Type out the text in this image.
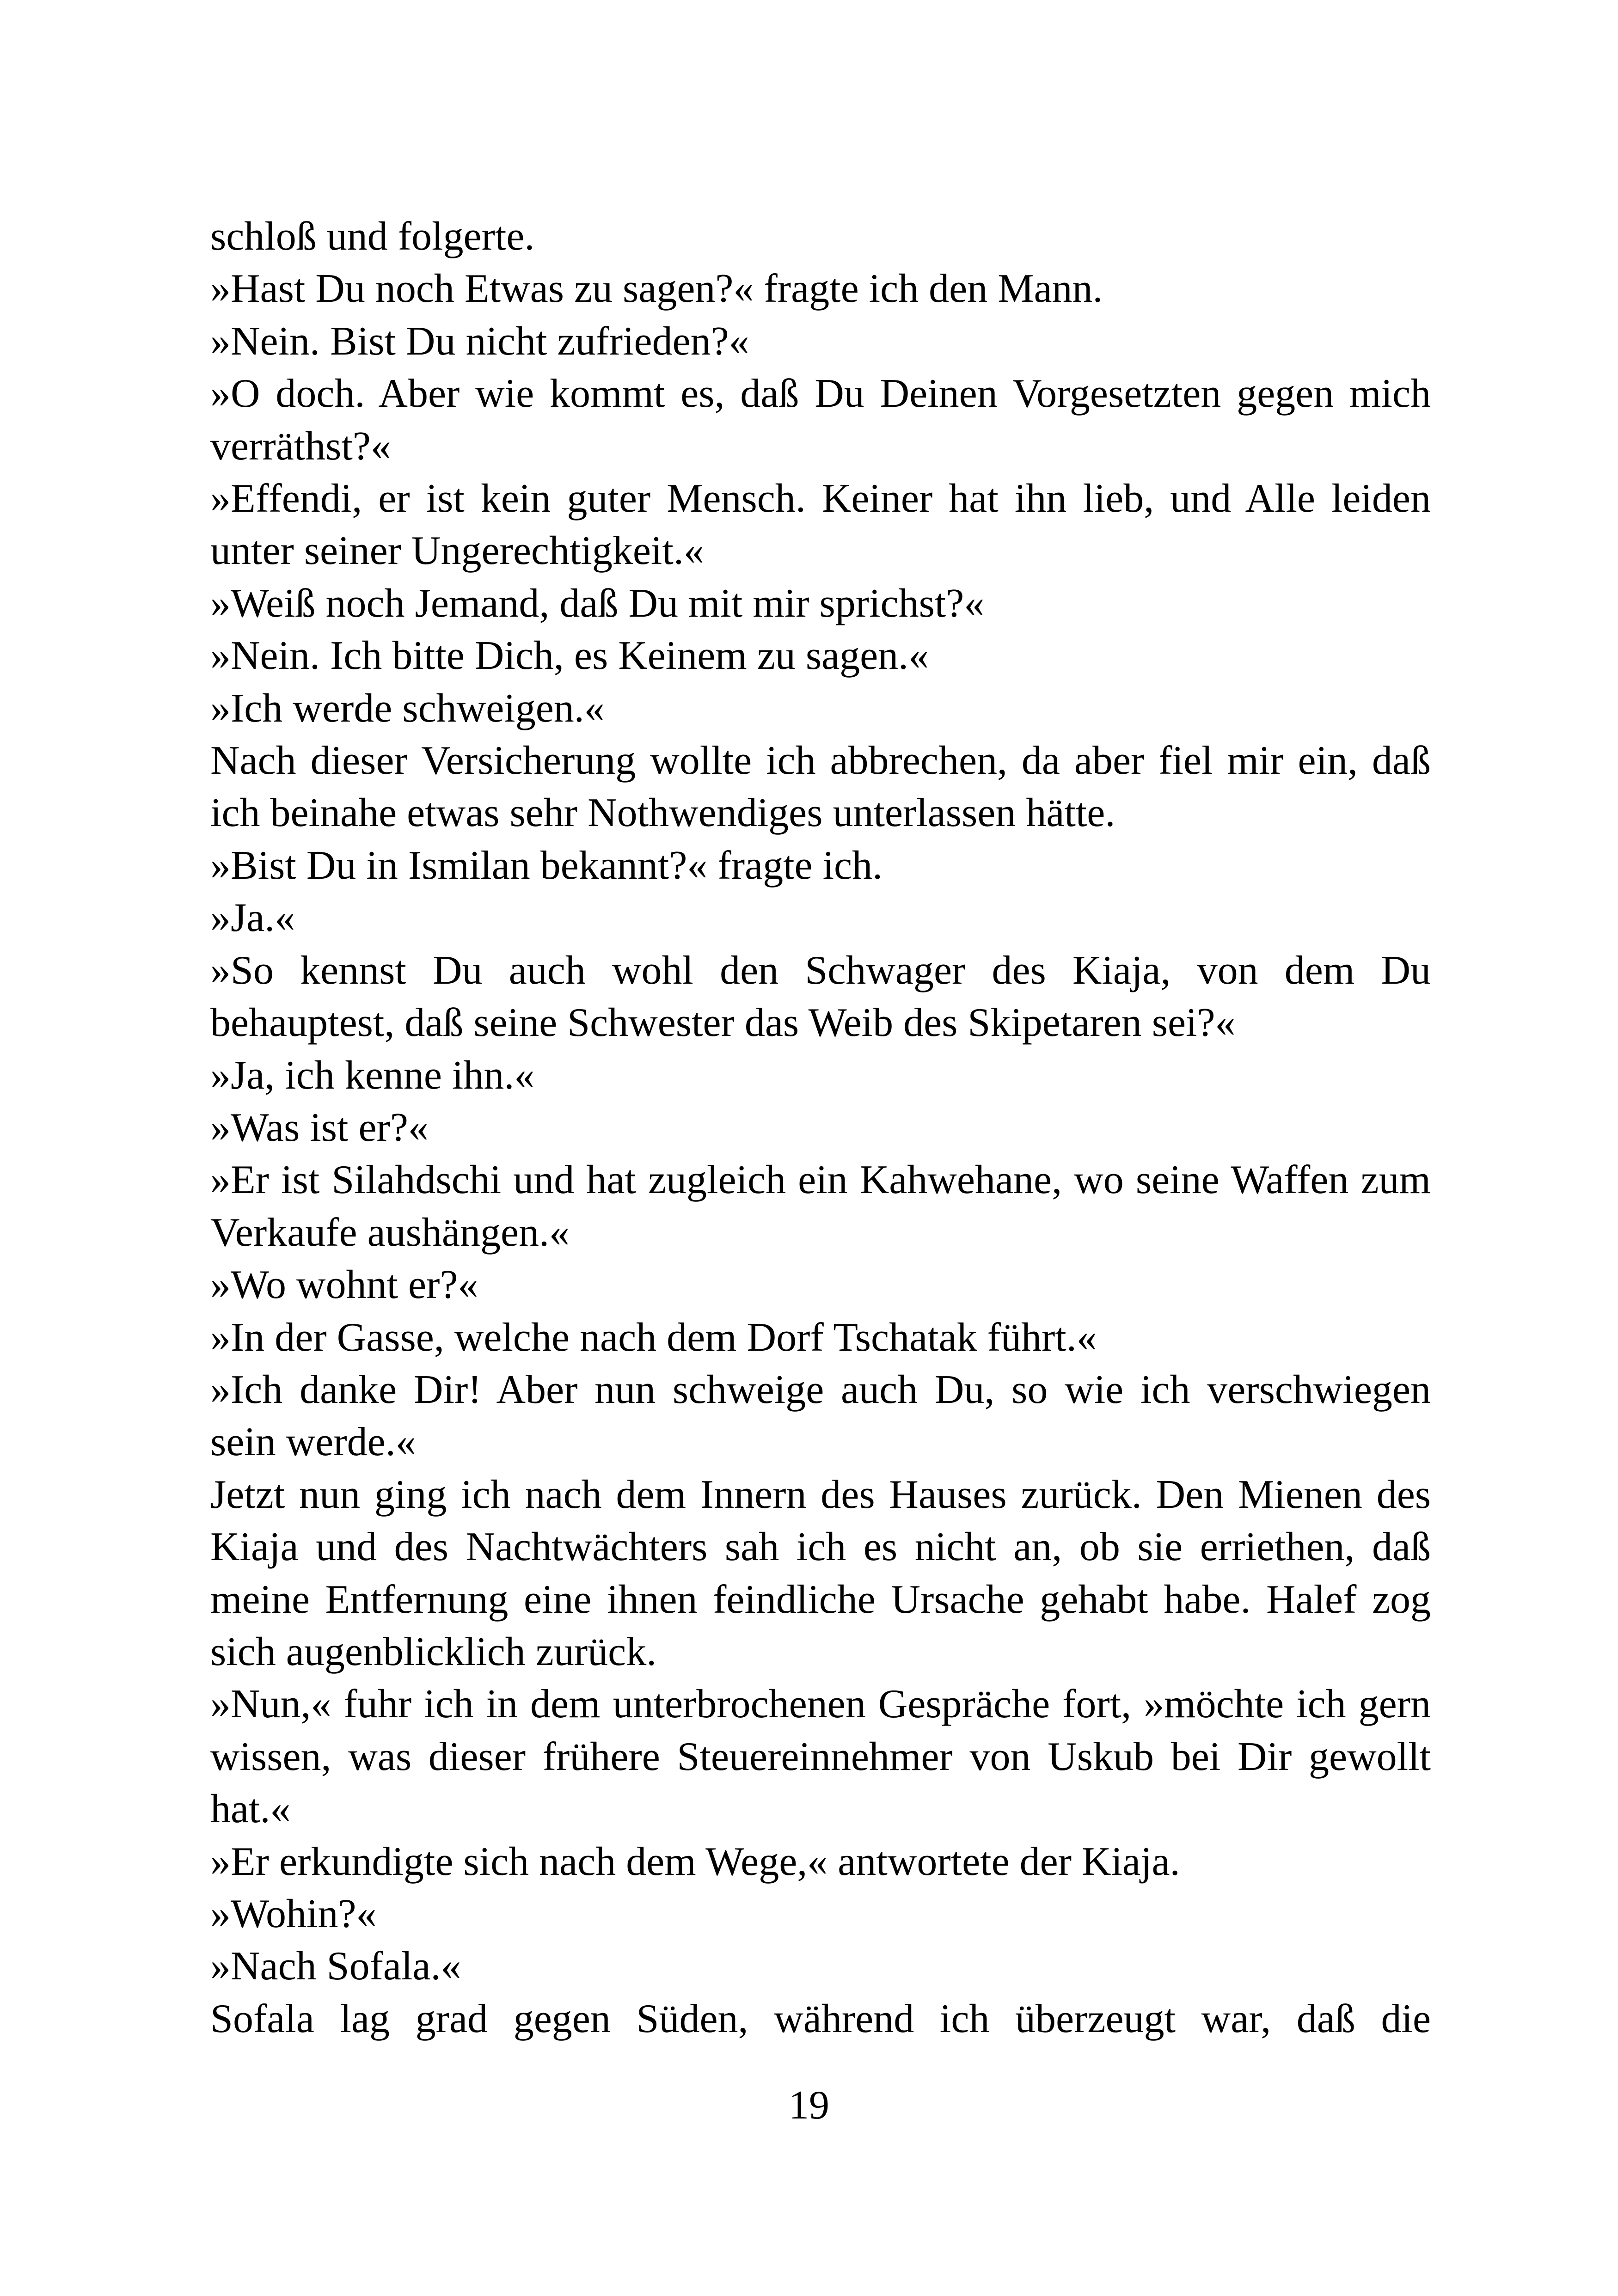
schloß und folgerte.

»Hast Du noch Etwas zu sagen?« fragte ich den Mann.

»Nein. Bist Du nicht zufrieden?«

»O doch. Aber wie kommt es, daß Du Deinen Vorgesetzten gegen mich verräthst?«

»Effendi, er ist kein guter Mensch. Keiner hat ihn lieb, und Alle leiden unter seiner Ungerechtigkeit.«

»Weiß noch Jemand, daß Du mit mir sprichst?«

»Nein. Ich bitte Dich, es Keinem zu sagen.«

»Ich werde schweigen.«

Nach dieser Versicherung wollte ich abbrechen, da aber fiel mir ein, daß ich beinahe etwas sehr Nothwendiges unterlassen hätte.

»Bist Du in Ismilan bekannt?« fragte ich.

»Ja.«

»So kennst Du auch wohl den Schwager des Kiaja, von dem Du behauptest, daß seine Schwester das Weib des Skipetaren sei?«

»Ja, ich kenne ihn.«

»Was ist er?«

»Er ist Silahdschi und hat zugleich ein Kahwehane, wo seine Waffen zum Verkaufe aushängen.«

»Wo wohnt er?«

»In der Gasse, welche nach dem Dorf Tschatak führt.«

»Ich danke Dir! Aber nun schweige auch Du, so wie ich verschwiegen sein werde.«

Jetzt nun ging ich nach dem Innern des Hauses zurück. Den Mienen des Kiaja und des Nachtwächters sah ich es nicht an, ob sie erriethen, daß meine Entfernung eine ihnen feindliche Ursache gehabt habe. Halef zog sich augenblicklich zurück.

»Nun,« fuhr ich in dem unterbrochenen Gespräche fort, »möchte ich gern wissen, was dieser frühere Steuereinnehmer von Uskub bei Dir gewollt hat.«

»Er erkundigte sich nach dem Wege,« antwortete der Kiaja.

»Wohin?«

»Nach Sofala.«

Sofala lag grad gegen Süden, während ich überzeugt war, daß die

19
